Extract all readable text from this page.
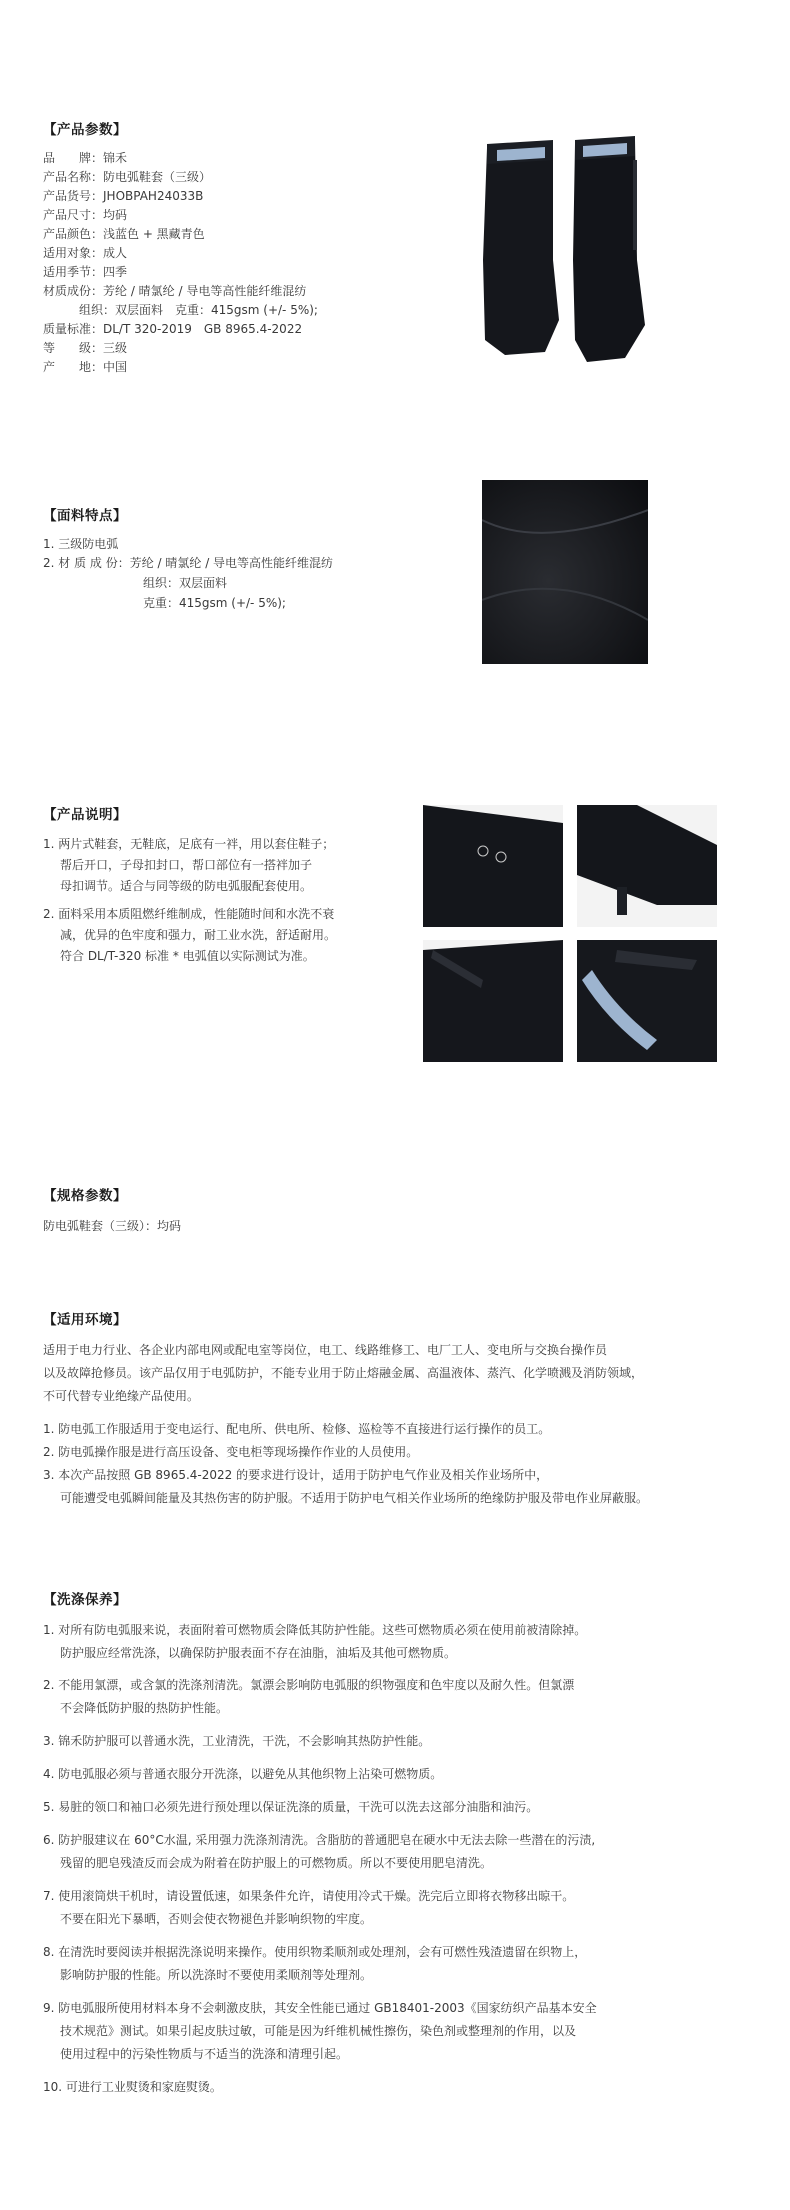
【产品参数】
品　　牌：锦禾
产品名称：防电弧鞋套（三级）
产品货号：JHOBPAH24033B
产品尺寸：均码
产品颜色：浅蓝色 + 黑藏青色
适用对象：成人
适用季节：四季
材质成份：芳纶 / 晴氯纶 / 导电等高性能纤维混纺
　　　组织：双层面料　克重：415gsm (+/- 5%);
质量标准：DL/T 320-2019　GB 8965.4-2022
等　　级：三级
产　　地：中国
【面料特点】
1. 三级防电弧
2. 材 质 成 份：芳纶 / 晴氯纶 / 导电等高性能纤维混纺
组织：双层面料
克重：415gsm (+/- 5%);
【产品说明】
1. 两片式鞋套，无鞋底，足底有一袢，用以套住鞋子；
帮后开口，子母扣封口，帮口部位有一搭袢加子
母扣调节。适合与同等级的防电弧服配套使用。
2. 面料采用本质阻燃纤维制成，性能随时间和水洗不衰
减，优异的色牢度和强力，耐工业水洗，舒适耐用。
符合 DL/T-320 标准 * 电弧值以实际测试为准。
【规格参数】
防电弧鞋套（三级）：均码
【适用环境】
适用于电力行业、各企业内部电网或配电室等岗位，电工、线路维修工、电厂工人、变电所与交换台操作员
以及故障抢修员。该产品仅用于电弧防护，不能专业用于防止熔融金属、高温液体、蒸汽、化学喷溅及消防领域，
不可代替专业绝缘产品使用。
1. 防电弧工作服适用于变电运行、配电所、供电所、检修、巡检等不直接进行运行操作的员工。
2. 防电弧操作服是进行高压设备、变电柜等现场操作作业的人员使用。
3. 本次产品按照 GB 8965.4-2022 的要求进行设计，适用于防护电气作业及相关作业场所中，
可能遭受电弧瞬间能量及其热伤害的防护服。不适用于防护电气相关作业场所的绝缘防护服及带电作业屏蔽服。
【洗涤保养】
1. 对所有防电弧服来说，表面附着可燃物质会降低其防护性能。这些可燃物质必须在使用前被清除掉。
防护服应经常洗涤，以确保防护服表面不存在油脂，油垢及其他可燃物质。
2. 不能用氯漂，或含氯的洗涤剂清洗。氯漂会影响防电弧服的织物强度和色牢度以及耐久性。但氯漂
不会降低防护服的热防护性能。
3. 锦禾防护服可以普通水洗，工业清洗，干洗，不会影响其热防护性能。
4. 防电弧服必须与普通衣服分开洗涤，以避免从其他织物上沾染可燃物质。
5. 易脏的领口和袖口必须先进行预处理以保证洗涤的质量，干洗可以洗去这部分油脂和油污。
6. 防护服建议在 60°C水温, 采用强力洗涤剂清洗。含脂肪的普通肥皂在硬水中无法去除一些潜在的污渍,
残留的肥皂残渣反而会成为附着在防护服上的可燃物质。所以不要使用肥皂清洗。
7. 使用滚筒烘干机时，请设置低速，如果条件允许，请使用冷式干燥。洗完后立即将衣物移出晾干。
不要在阳光下暴晒，否则会使衣物褪色并影响织物的牢度。
8. 在清洗时要阅读并根据洗涤说明来操作。使用织物柔顺剂或处理剂，会有可燃性残渣遗留在织物上，
影响防护服的性能。所以洗涤时不要使用柔顺剂等处理剂。
9. 防电弧服所使用材料本身不会刺激皮肤，其安全性能已通过 GB18401-2003《国家纺织产品基本安全
技术规范》测试。如果引起皮肤过敏，可能是因为纤维机械性擦伤，染色剂或整理剂的作用，以及
使用过程中的污染性物质与不适当的洗涤和清理引起。
10. 可进行工业熨烫和家庭熨烫。
